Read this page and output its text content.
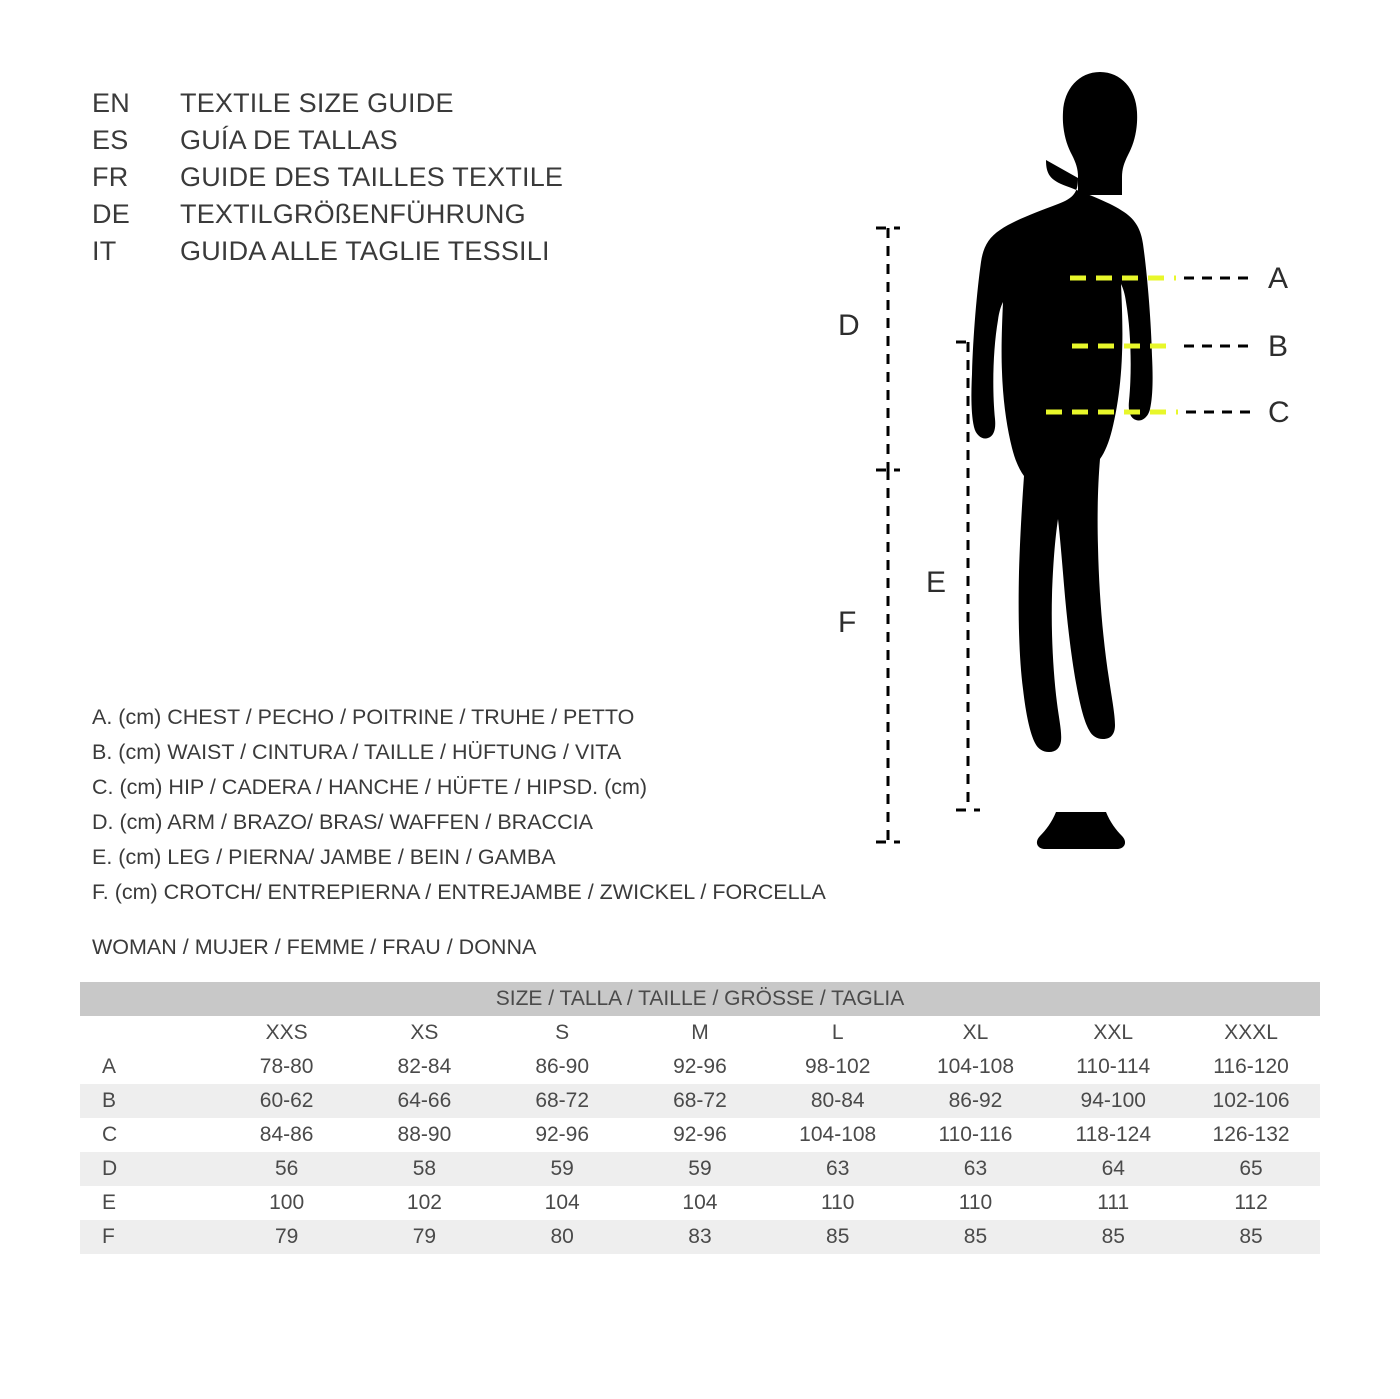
EN	TEXTILE SIZE GUIDE
ES	GUÍA DE TALLAS
FR	GUIDE DES TAILLES TEXTILE
DE	TEXTILGRÖßENFÜHRUNG
IT	GUIDA ALLE TAGLIE TESSILI
A. (cm) CHEST / PECHO / POITRINE / TRUHE / PETTO
B. (cm) WAIST / CINTURA / TAILLE / HÜFTUNG / VITA
C. (cm) HIP / CADERA / HANCHE / HÜFTE / HIPSD. (cm)
D. (cm) ARM / BRAZO/ BRAS/ WAFFEN / BRACCIA
E. (cm) LEG / PIERNA/ JAMBE / BEIN / GAMBA
F. (cm) CROTCH/ ENTREPIERNA / ENTREJAMBE / ZWICKEL / FORCELLA
WOMAN / MUJER / FEMME / FRAU / DONNA
A
B
C
D
F
E
SIZE / TALLA / TAILLE / GRÖSSE / TAGLIA								
	XXS	XS	S	M	L	XL	XXL	XXXL
A	78-80	82-84	86-90	92-96	98-102	104-108	110-114	116-120
B	60-62	64-66	68-72	68-72	80-84	86-92	94-100	102-106
C	84-86	88-90	92-96	92-96	104-108	110-116	118-124	126-132
D	56	58	59	59	63	63	64	65
E	100	102	104	104	110	110	111	112
F	79	79	80	83	85	85	85	85
